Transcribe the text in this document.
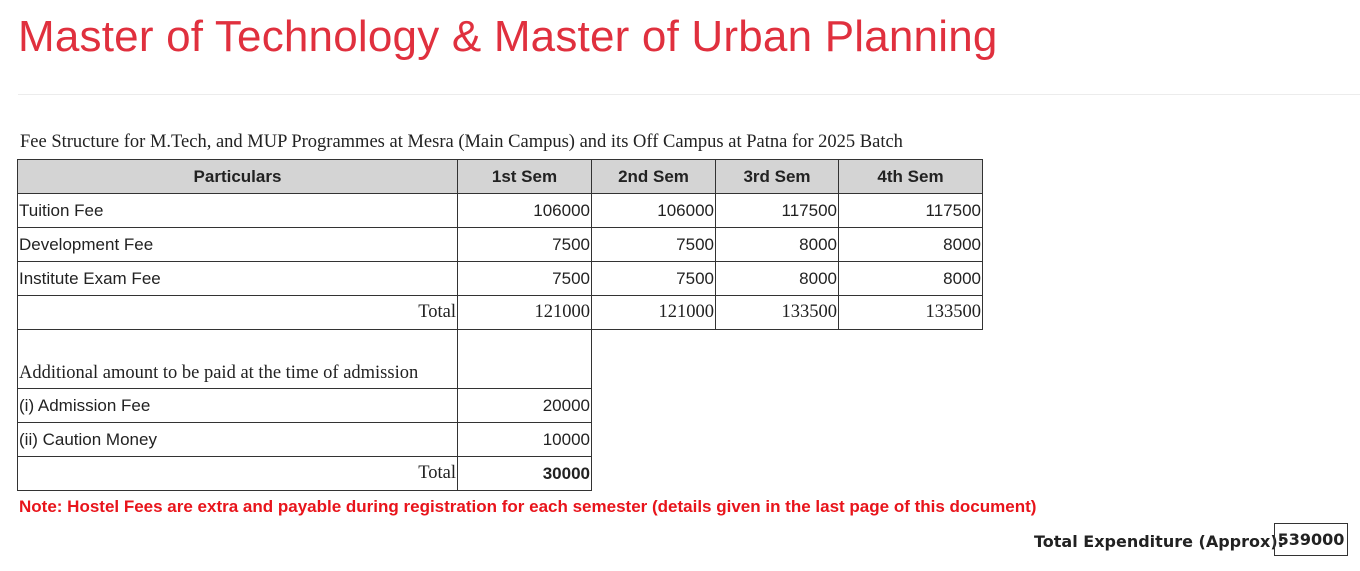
Master of Technology & Master of Urban Planning
Fee Structure for M.Tech, and MUP Programmes at Mesra (Main Campus) and its Off Campus at Patna for 2025 Batch
Particulars	1st Sem	2nd Sem	3rd Sem	4th Sem
Tuition Fee	106000	106000	117500	117500
Development Fee	7500	7500	8000	8000
Institute Exam Fee	7500	7500	8000	8000
Total	121000	121000	133500	133500
Additional amount to be paid at the time of admission				
(i) Admission Fee	20000			
(ii) Caution Money	10000			
Total	30000			
Note: Hostel Fees are extra and payable during registration for each semester (details given in the last page of this document)
Total Expenditure (Approx):
539000
